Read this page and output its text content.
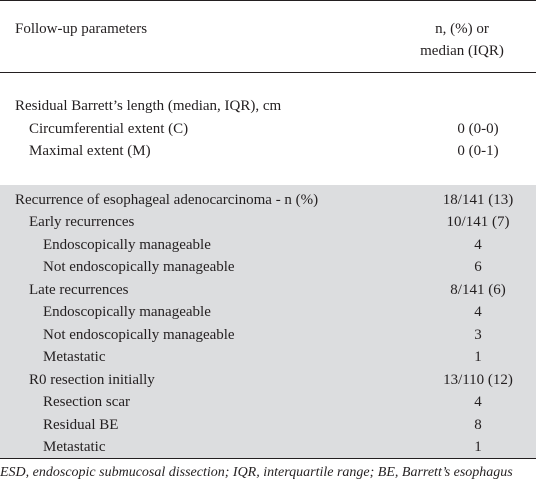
Follow-up parameters	n, (%) or
median (IQR)

Residual Barrett’s length (median, IQR), cm	
Circumferential extent (C)	0 (0-0)
Maximal extent (M)	0 (0-1)

Recurrence of esophageal adenocarcinoma - n (%)	18/141 (13)
Early recurrences	10/141 (7)
Endoscopically manageable	4
Not endoscopically manageable	6
Late recurrences	8/141 (6)
Endoscopically manageable	4
Not endoscopically manageable	3
Metastatic	1
R0 resection initially	13/110 (12)
Resection scar	4
Residual BE	8
Metastatic	1
ESD, endoscopic submucosal dissection; IQR, interquartile range; BE, Barrett’s esophagus
